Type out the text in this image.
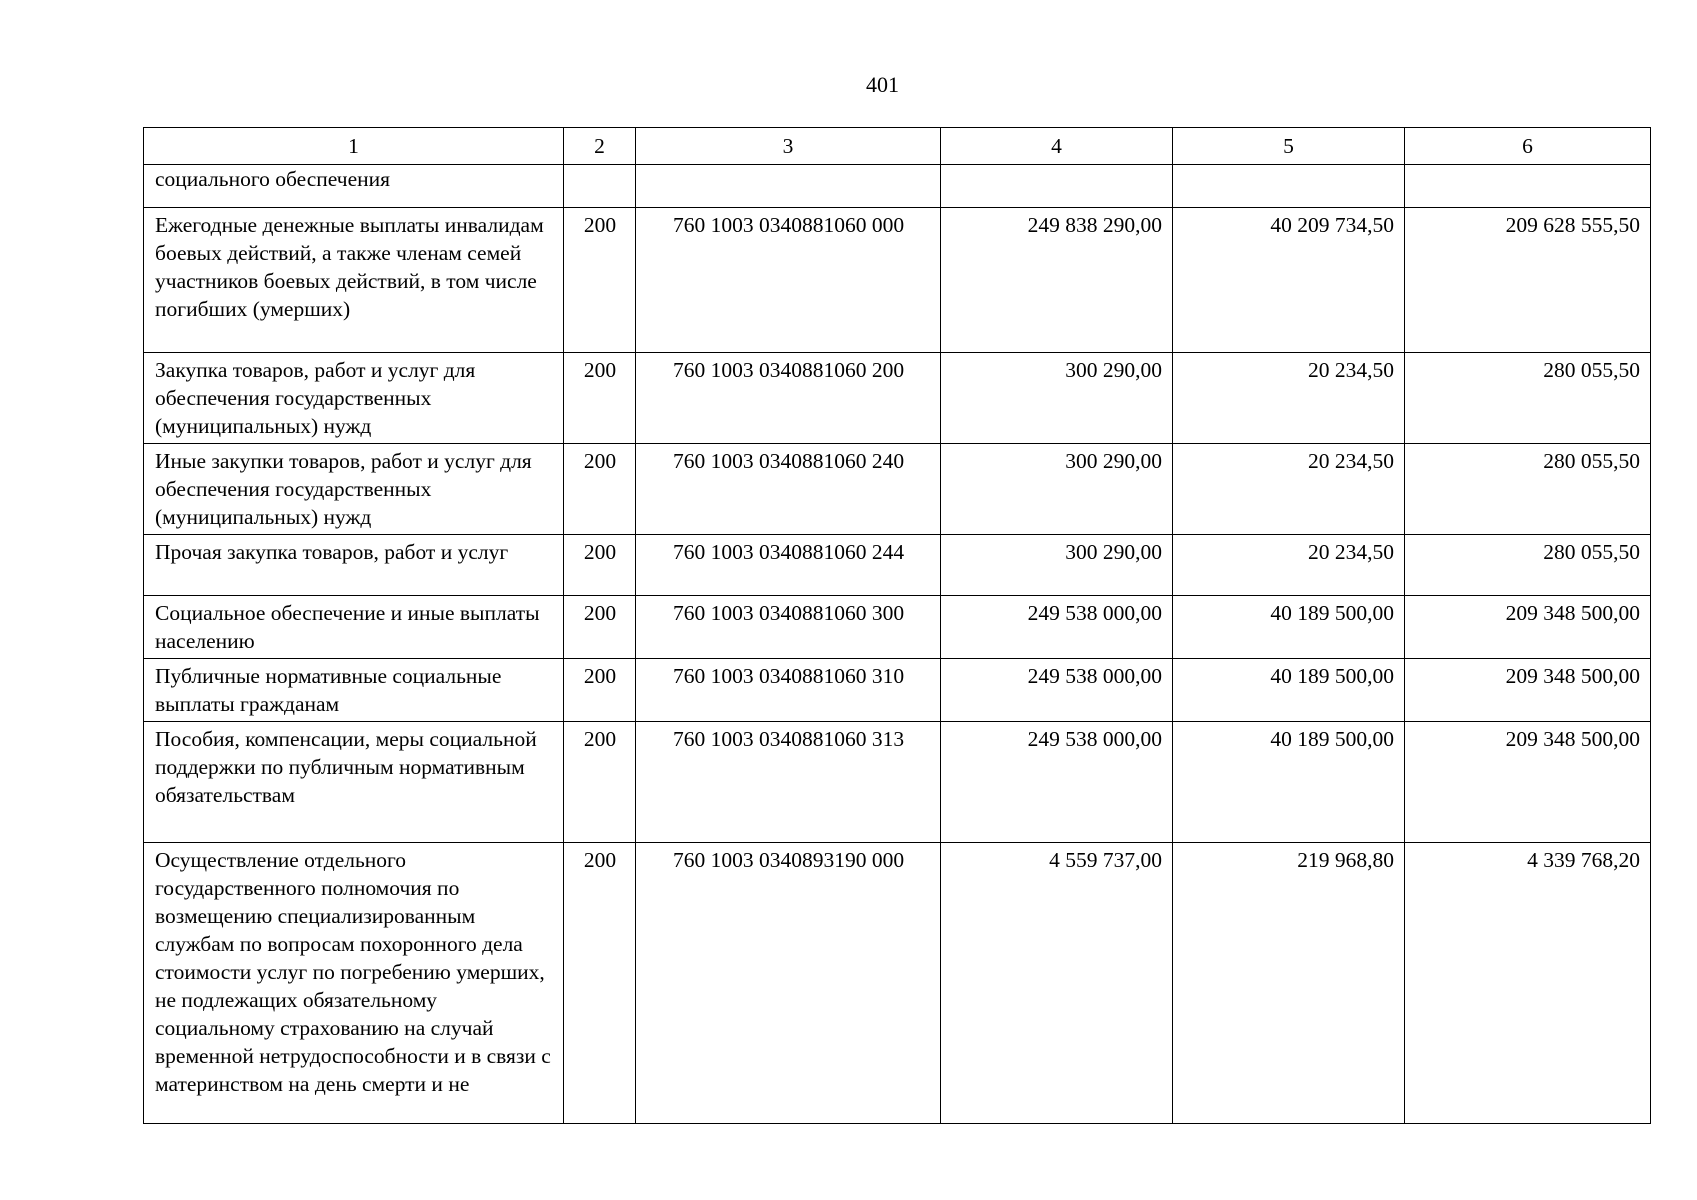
401
1	2	3	4	5	6
социального обеспечения					
Ежегодные денежные выплаты инвалидам боевых действий, а также членам семей участников боевых действий, в том числе погибших (умерших)	200	760 1003 0340881060 000	249 838 290,00	40 209 734,50	209 628 555,50
Закупка товаров, работ и услуг для обеспечения государственных (муниципальных) нужд	200	760 1003 0340881060 200	300 290,00	20 234,50	280 055,50
Иные закупки товаров, работ и услуг для обеспечения государственных (муниципальных) нужд	200	760 1003 0340881060 240	300 290,00	20 234,50	280 055,50
Прочая закупка товаров, работ и услуг	200	760 1003 0340881060 244	300 290,00	20 234,50	280 055,50
Социальное обеспечение и иные выплаты населению	200	760 1003 0340881060 300	249 538 000,00	40 189 500,00	209 348 500,00
Публичные нормативные социальные выплаты гражданам	200	760 1003 0340881060 310	249 538 000,00	40 189 500,00	209 348 500,00
Пособия, компенсации, меры социальной поддержки по публичным нормативным обязательствам	200	760 1003 0340881060 313	249 538 000,00	40 189 500,00	209 348 500,00
Осуществление отдельного государственного полномочия по возмещению специализированным службам по вопросам похоронного дела стоимости услуг по погребению умерших, не подлежащих обязательному социальному страхованию на случай временной нетрудоспособности и в связи с материнством на день смерти и не	200	760 1003 0340893190 000	4 559 737,00	219 968,80	4 339 768,20
